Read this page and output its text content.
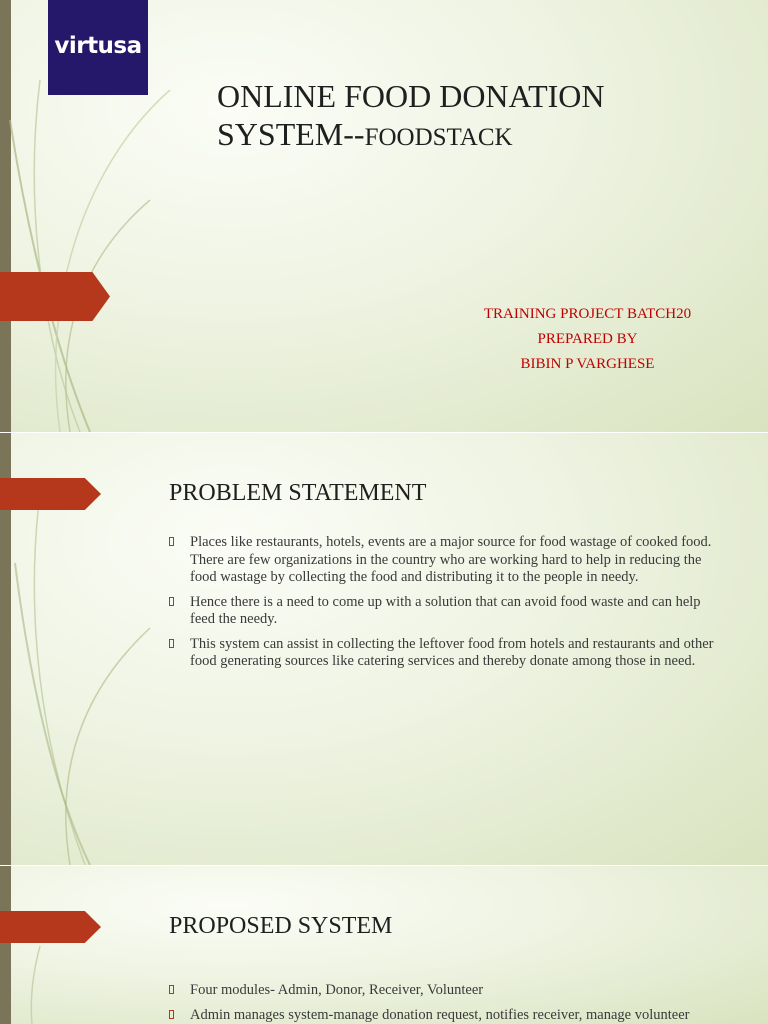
virtusa
ONLINE FOOD DONATION
SYSTEM--FOODSTACK
TRAINING PROJECT BATCH20
PREPARED BY
BIBIN P VARGHESE
PROBLEM STATEMENT
Places like restaurants, hotels, events are a major source for food wastage of cooked food. There are few organizations in the country who are working hard to help in reducing the food wastage by collecting the food and distributing it to the people in needy.
Hence there is a need to come up with a solution that can avoid food waste and can help feed the needy.
This system can assist in collecting the leftover food from hotels and restaurants and other food generating sources like catering services and thereby donate among those in need.
PROPOSED SYSTEM
Four modules- Admin, Donor, Receiver, Volunteer
Admin manages system-manage donation request, notifies receiver, manage volunteer
